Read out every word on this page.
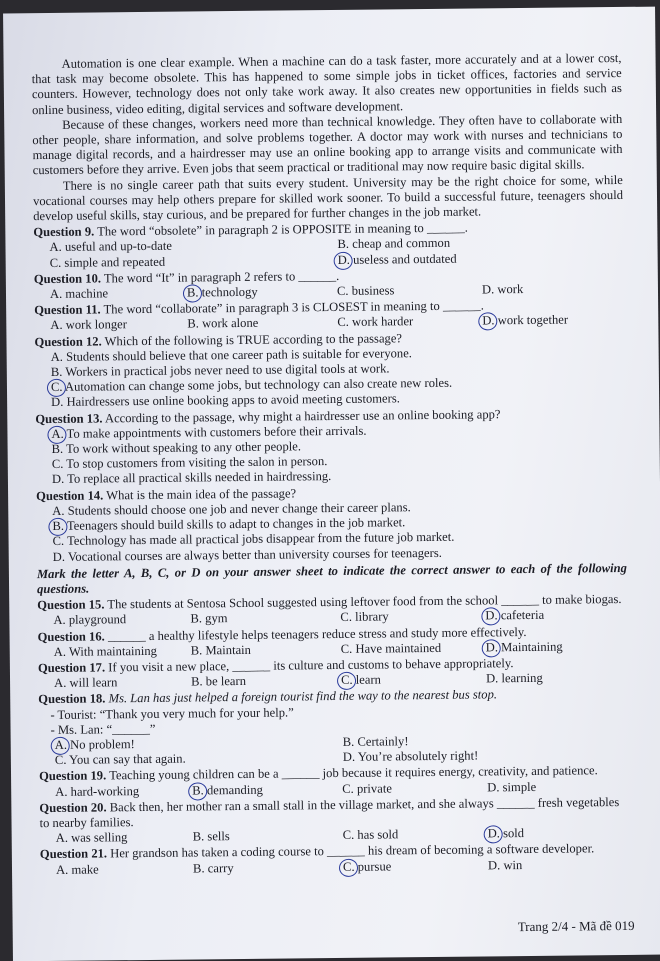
Automation is one clear example. When a machine can do a task faster, more accurately and at a lower cost, that task may become obsolete. This has happened to some simple jobs in ticket offices, factories and service counters. However, technology does not only take work away. It also creates new opportunities in fields such as online business, video editing, digital services and software development.

Because of these changes, workers need more than technical knowledge. They often have to collaborate with other people, share information, and solve problems together. A doctor may work with nurses and technicians to manage digital records, and a hairdresser may use an online booking app to arrange visits and communicate with customers before they arrive. Even jobs that seem practical or traditional may now require basic digital skills.

There is no single career path that suits every student. University may be the right choice for some, while vocational courses may help others prepare for skilled work sooner. To build a successful future, teenagers should develop useful skills, stay curious, and be prepared for further changes in the job market.

Question 9. The word “obsolete” in paragraph 2 is OPPOSITE in meaning to ______.
A. useful and up-to-date	B. cheap and common
C. simple and repeated	D. useless and outdated
Question 10. The word “It” in paragraph 2 refers to ______.
A. machine	B. technology	C. business	D. work
Question 11. The word “collaborate” in paragraph 3 is CLOSEST in meaning to ______.
A. work longer	B. work alone	C. work harder	D. work together
Question 12. Which of the following is TRUE according to the passage?
A. Students should believe that one career path is suitable for everyone.
B. Workers in practical jobs never need to use digital tools at work.
C. Automation can change some jobs, but technology can also create new roles.
D. Hairdressers use online booking apps to avoid meeting customers.
Question 13. According to the passage, why might a hairdresser use an online booking app?
A. To make appointments with customers before their arrivals.
B. To work without speaking to any other people.
C. To stop customers from visiting the salon in person.
D. To replace all practical skills needed in hairdressing.
Question 14. What is the main idea of the passage?
A. Students should choose one job and never change their career plans.
B. Teenagers should build skills to adapt to changes in the job market.
C. Technology has made all practical jobs disappear from the future job market.
D. Vocational courses are always better than university courses for teenagers.

Mark the letter A, B, C, or D on your answer sheet to indicate the correct answer to each of the following questions.

Question 15. The students at Sentosa School suggested using leftover food from the school ______ to make biogas.
A. playground	B. gym	C. library	D. cafeteria
Question 16. ______ a healthy lifestyle helps teenagers reduce stress and study more effectively.
A. With maintaining	B. Maintain	C. Have maintained	D. Maintaining
Question 17. If you visit a new place, ______ its culture and customs to behave appropriately.
A. will learn	B. be learn	C. learn	D. learning
Question 18. Ms. Lan has just helped a foreign tourist find the way to the nearest bus stop.
- Tourist: “Thank you very much for your help.”
- Ms. Lan: “______”
A. No problem!	B. Certainly!
C. You can say that again.	D. You’re absolutely right!
Question 19. Teaching young children can be a ______ job because it requires energy, creativity, and patience.
A. hard-working	B. demanding	C. private	D. simple
Question 20. Back then, her mother ran a small stall in the village market, and she always ______ fresh vegetables to nearby families.
A. was selling	B. sells	C. has sold	D. sold
Question 21. Her grandson has taken a coding course to ______ his dream of becoming a software developer.
A. make	B. carry	C. pursue	D. win
Trang 2/4 - Mã đề 019
